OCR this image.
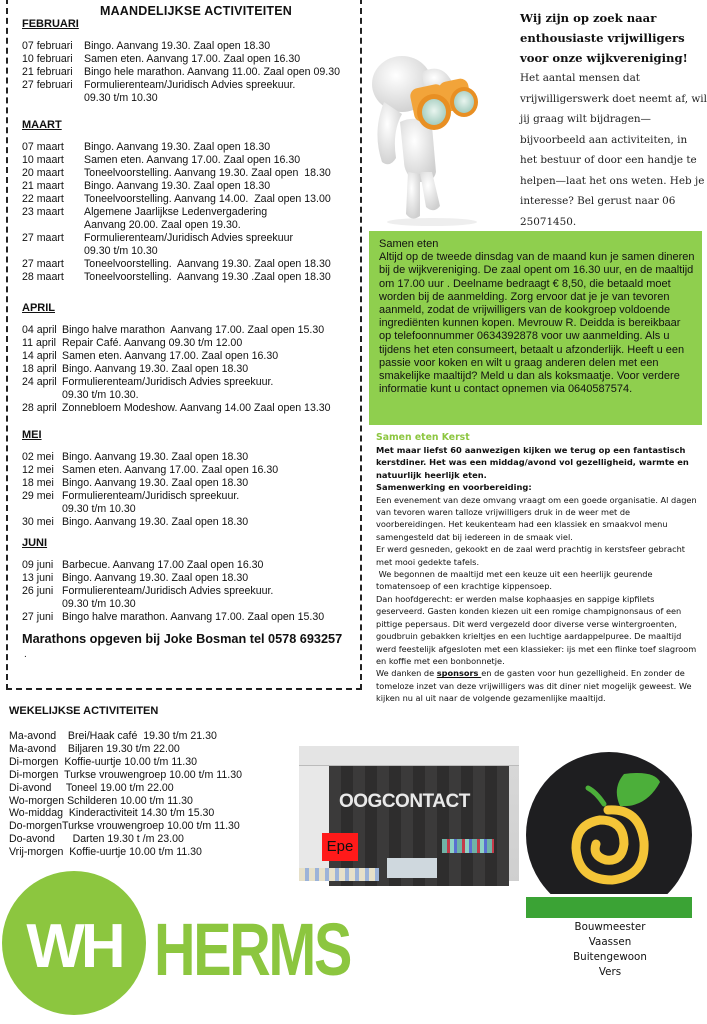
MAANDELIJKSE ACTIVITEITEN
FEBRUARI
07 februari	Bingo. Aanvang 19.30. Zaal open 18.30
10 februari	Samen eten. Aanvang 17.00. Zaal open 16.30
21 februari	Bingo hele marathon. Aanvang 11.00. Zaal open 09.30
27 februari	Formulierenteam/Juridisch Advies spreekuur.
09.30 t/m 10.30
MAART
07 maart	Bingo. Aanvang 19.30. Zaal open 18.30
10 maart	Samen eten. Aanvang 17.00. Zaal open 16.30
20 maart	Toneelvoorstelling. Aanvang 19.30. Zaal open  18.30
21 maart	Bingo. Aanvang 19.30. Zaal open 18.30
22 maart	Toneelvoorstelling. Aanvang 14.00.  Zaal open 13.00
23 maart	Algemene Jaarlijkse Ledenvergadering
Aanvang 20.00. Zaal open 19.30.
27 maart	Formulierenteam/Juridisch Advies spreekuur
09.30 t/m 10.30
27 maart	Toneelvoorstelling.  Aanvang 19.30. Zaal open 18.30
28 maart	Toneelvoorstelling.  Aanvang 19.30 .Zaal open 18.30
APRIL
04 april Bingo halve marathon  Aanvang 17.00. Zaal open 15.30
11 april Repair Café. Aanvang 09.30 t/m 12.00
14 april Samen eten. Aanvang 17.00. Zaal open 16.30
18 april Bingo. Aanvang 19.30. Zaal open 18.30
24 april Formulierenteam/Juridisch Advies spreekuur.
09.30 t/m 10.30.
28 april Zonnebloem Modeshow. Aanvang 14.00 Zaal open 13.30
MEI
02 mei Bingo. Aanvang 19.30. Zaal open 18.30
12 mei Samen eten. Aanvang 17.00. Zaal open 16.30
18 mei Bingo. Aanvang 19.30. Zaal open 18.30
29 mei Formulierenteam/Juridisch spreekuur.
09.30 t/m 10.30
30 mei Bingo. Aanvang 19.30. Zaal open 18.30
JUNI
09 juni Barbecue. Aanvang 17.00 Zaal open 16.30
13 juni Bingo. Aanvang 19.30. Zaal open 18.30
26 juni Formulierenteam/Juridisch Advies spreekuur.
09.30 t/m 10.30
27 juni Bingo halve marathon. Aanvang 17.00. Zaal open 15.30
Marathons opgeven bij Joke Bosman tel 0578 693257
.
WEKELIJKSE ACTIVITEITEN
Ma-avond    Brei/Haak café  19.30 t/m 21.30
Ma-avond    Biljaren 19.30 t/m 22.00
Di-morgen  Koffie-uurtje 10.00 t/m 11.30
Di-morgen  Turkse vrouwengroep 10.00 t/m 11.30
Di-avond     Toneel 19.00 t/m 22.00
Wo-morgen Schilderen 10.00 t/m 11.30
Wo-middag  Kinderactiviteit 14.30 t/m 15.30
Do-morgenTurkse vrouwengroep 10.00 t/m 11.30
Do-avond      Darten 19.30 t /m 23.00
Vrij-morgen  Koffie-uurtje 10.00 t/m 11.30
Wij zijn op zoek naar enthousiaste vrijwilligers voor onze wijkvereniging!
Het aantal mensen dat vrijwilligerswerk doet neemt af, wil jij graag wilt bijdragen—bijvoorbeeld aan activiteiten, in het bestuur of door een handje te helpen—laat het ons weten. Heb je interesse? Bel gerust naar 06 25071450.
Samen eten
Altijd op de tweede dinsdag van de maand kun je samen dineren bij de wijkvereniging. De zaal opent om 16.30 uur, en de maaltijd om 17.00 uur . Deelname bedraagt € 8,50, die betaald moet worden bij de aanmelding. Zorg ervoor dat je je van tevoren aanmeld, zodat de vrijwilligers van de kookgroep voldoende ingrediënten kunnen kopen. Mevrouw R. Deidda is bereikbaar op telefoonnummer 0634392878 voor uw aanmelding. Als u tijdens het eten consumeert, betaalt u afzonderlijk. Heeft u een passie voor koken en wilt u graag anderen delen met een smakelijke maaltijd? Meld u dan als koksmaatje. Voor verdere informatie kunt u contact opnemen via 0640587574.
Samen eten Kerst
Met maar liefst 60 aanwezigen kijken we terug op een fantastisch kerstdiner. Het was een middag/avond vol gezelligheid, warmte en natuurlijk heerlijk eten.
Samenwerking en voorbereiding:
Een evenement van deze omvang vraagt om een goede organisatie. Al dagen van tevoren waren talloze vrijwilligers druk in de weer met de voorbereidingen. Het keukenteam had een klassiek en smaakvol menu samengesteld dat bij iedereen in de smaak viel.
Er werd gesneden, gekookt en de zaal werd prachtig in kerstsfeer gebracht met mooi gedekte tafels.
We begonnen de maaltijd met een keuze uit een heerlijk geurende tomatensoep of een krachtige kippensoep.
Dan hoofdgerecht: er werden malse kophaasjes en sappige kipfilets geserveerd. Gasten konden kiezen uit een romige champignonsaus of een pittige pepersaus. Dit werd vergezeld door diverse verse wintergroenten, goudbruin gebakken krieltjes en een luchtige aardappelpuree. De maaltijd werd feestelijk afgesloten met een klassieker: ijs met een flinke toef slagroom en koffie met een bonbonnetje.
We danken de sponsors en de gasten voor hun gezelligheid. En zonder de tomeloze inzet van deze vrijwilligers was dit diner niet mogelijk geweest. We kijken nu al uit naar de volgende gezamenlijke maaltijd.
OOGCONTACT
Epe
Bouwmeester
Vaassen
Buitengewoon
Vers
WH HERMS
